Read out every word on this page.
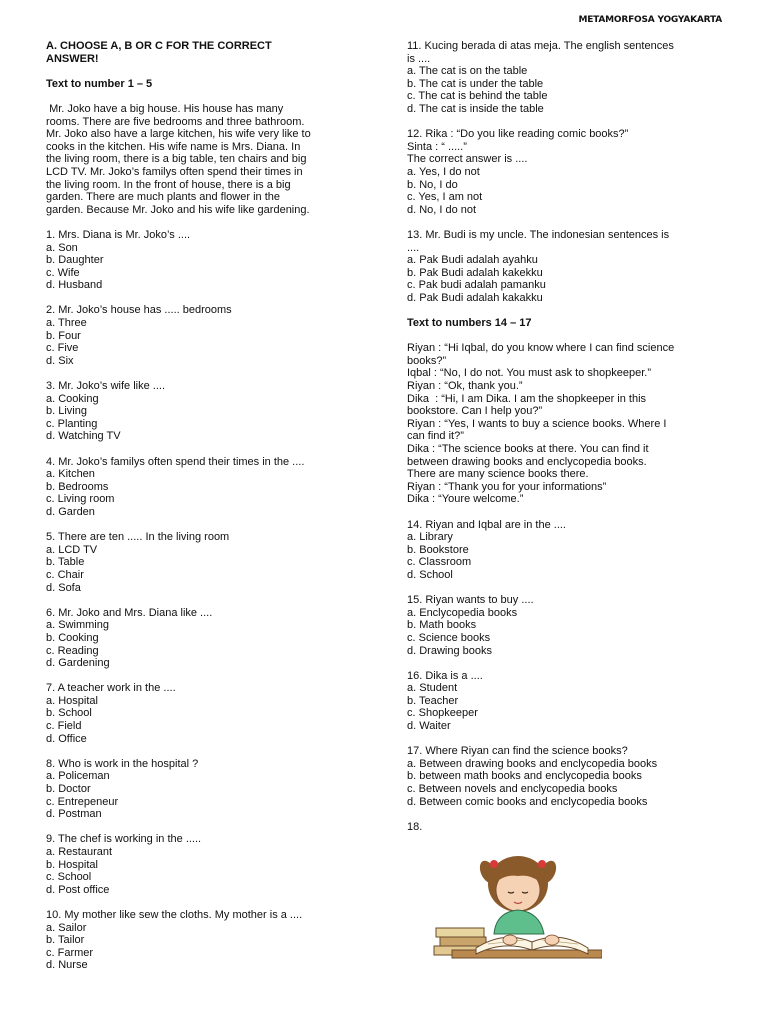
METAMORFOSA YOGYAKARTA
A. CHOOSE A, B OR C FOR THE CORRECT
ANSWER!
Text to number 1 – 5
Mr. Joko have a big house. His house has many
rooms. There are five bedrooms and three bathroom.
Mr. Joko also have a large kitchen, his wife very like to
cooks in the kitchen. His wife name is Mrs. Diana. In
the living room, there is a big table, ten chairs and big
LCD TV. Mr. Joko’s familys often spend their times in
the living room. In the front of house, there is a big
garden. There are much plants and flower in the
garden. Because Mr. Joko and his wife like gardening.
1. Mrs. Diana is Mr. Joko’s ....
a. Son
b. Daughter
c. Wife
d. Husband
2. Mr. Joko’s house has ..... bedrooms
a. Three
b. Four
c. Five
d. Six
3. Mr. Joko’s wife like ....
a. Cooking
b. Living
c. Planting
d. Watching TV
4. Mr. Joko’s familys often spend their times in the ....
a. Kitchen
b. Bedrooms
c. Living room
d. Garden
5. There are ten ..... In the living room
a. LCD TV
b. Table
c. Chair
d. Sofa
6. Mr. Joko and Mrs. Diana like ....
a. Swimming
b. Cooking
c. Reading
d. Gardening
7. A teacher work in the ....
a. Hospital
b. School
c. Field
d. Office
8. Who is work in the hospital ?
a. Policeman
b. Doctor
c. Entrepeneur
d. Postman
9. The chef is working in the .....
a. Restaurant
b. Hospital
c. School
d. Post office
10. My mother like sew the cloths. My mother is a ....
a. Sailor
b. Tailor
c. Farmer
d. Nurse
11. Kucing berada di atas meja. The english sentences
is ....
a. The cat is on the table
b. The cat is under the table
c. The cat is behind the table
d. The cat is inside the table
12. Rika : “Do you like reading comic books?”
Sinta : “ .....”
The correct answer is ....
a. Yes, I do not
b. No, I do
c. Yes, I am not
d. No, I do not
13. Mr. Budi is my uncle. The indonesian sentences is
....
a. Pak Budi adalah ayahku
b. Pak Budi adalah kakekku
c. Pak budi adalah pamanku
d. Pak Budi adalah kakakku
Text to numbers 14 – 17
Riyan : “Hi Iqbal, do you know where I can find science
books?”
Iqbal : “No, I do not. You must ask to shopkeeper.”
Riyan : “Ok, thank you.”
Dika  : “Hi, I am Dika. I am the shopkeeper in this
bookstore. Can I help you?”
Riyan : “Yes, I wants to buy a science books. Where I
can find it?”
Dika : “The science books at there. You can find it
between drawing books and enclycopedia books.
There are many science books there.
Riyan : “Thank you for your informations”
Dika : “Youre welcome.”
14. Riyan and Iqbal are in the ....
a. Library
b. Bookstore
c. Classroom
d. School
15. Riyan wants to buy ....
a. Enclycopedia books
b. Math books
c. Science books
d. Drawing books
16. Dika is a ....
a. Student
b. Teacher
c. Shopkeeper
d. Waiter
17. Where Riyan can find the science books?
a. Between drawing books and enclycopedia books
b. between math books and enclycopedia books
c. Between novels and enclycopedia books
d. Between comic books and enclycopedia books
18.
